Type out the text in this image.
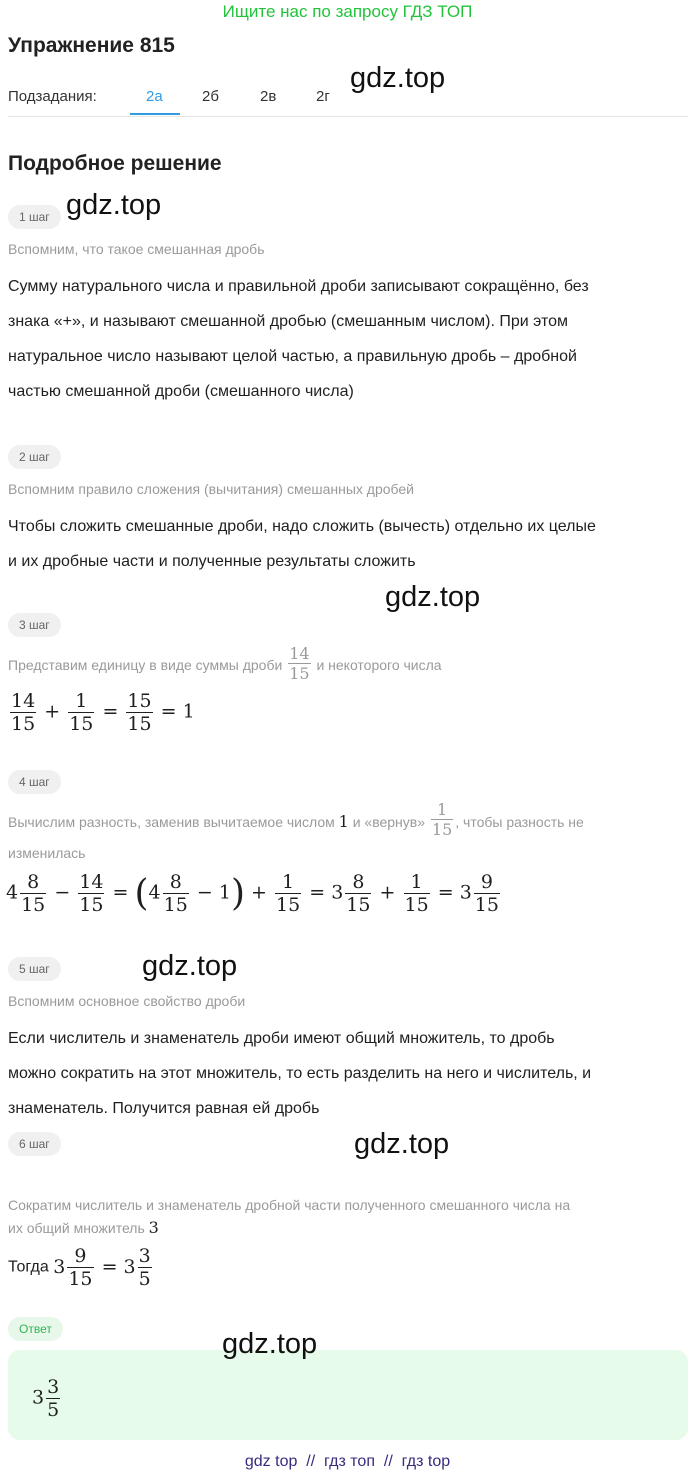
Ищите нас по запросу ГДЗ ТОП
Упражнение 815
Подзадания:	2а	2б	2в	2г
Подробное решение
1 шаг
Вспомним, что такое смешанная дробь
Сумму натурального числа и правильной дроби записывают сокращённо, без
знака «+», и называют смешанной дробью (смешанным числом). При этом
натуральное число называют целой частью, а правильную дробь – дробной
частью смешанной дроби (смешанного числа)
2 шаг
Вспомним правило сложения (вычитания) смешанных дробей
Чтобы сложить смешанные дроби, надо сложить (вычесть) отдельно их целые
и их дробные части и полученные результаты сложить
3 шаг
Представим единицу в виде суммы дроби $\frac{14}{15}$ и некоторого числа
$\frac{14}{15} + \frac{1}{15} = \frac{15}{15} = 1$
4 шаг
Вычислим разность, заменив вычитаемое числом 1 и «вернув» $\frac{1}{15}$ , чтобы разность не
изменилась
$4 \frac{8}{15} - \frac{14}{15} = (4 \frac{8}{15} - 1) + \frac{1}{15} = 3 \frac{8}{15} + \frac{1}{15} = 3 \frac{9}{15}$
5 шаг
Вспомним основное свойство дроби
Если числитель и знаменатель дроби имеют общий множитель, то дробь
можно сократить на этот множитель, то есть разделить на него и числитель, и
знаменатель. Получится равная ей дробь
6 шаг
Сократим числитель и знаменатель дробной части полученного смешанного числа на
их общий множитель 3
Тогда $3 \frac{9}{15} = 3 \frac{3}{5}$
Ответ
$3 \frac{3}{5}$
gdz.top
gdz.top
gdz.top
gdz.top
gdz.top
gdz.top
gdz top  //  гдз топ  //  гдз top
